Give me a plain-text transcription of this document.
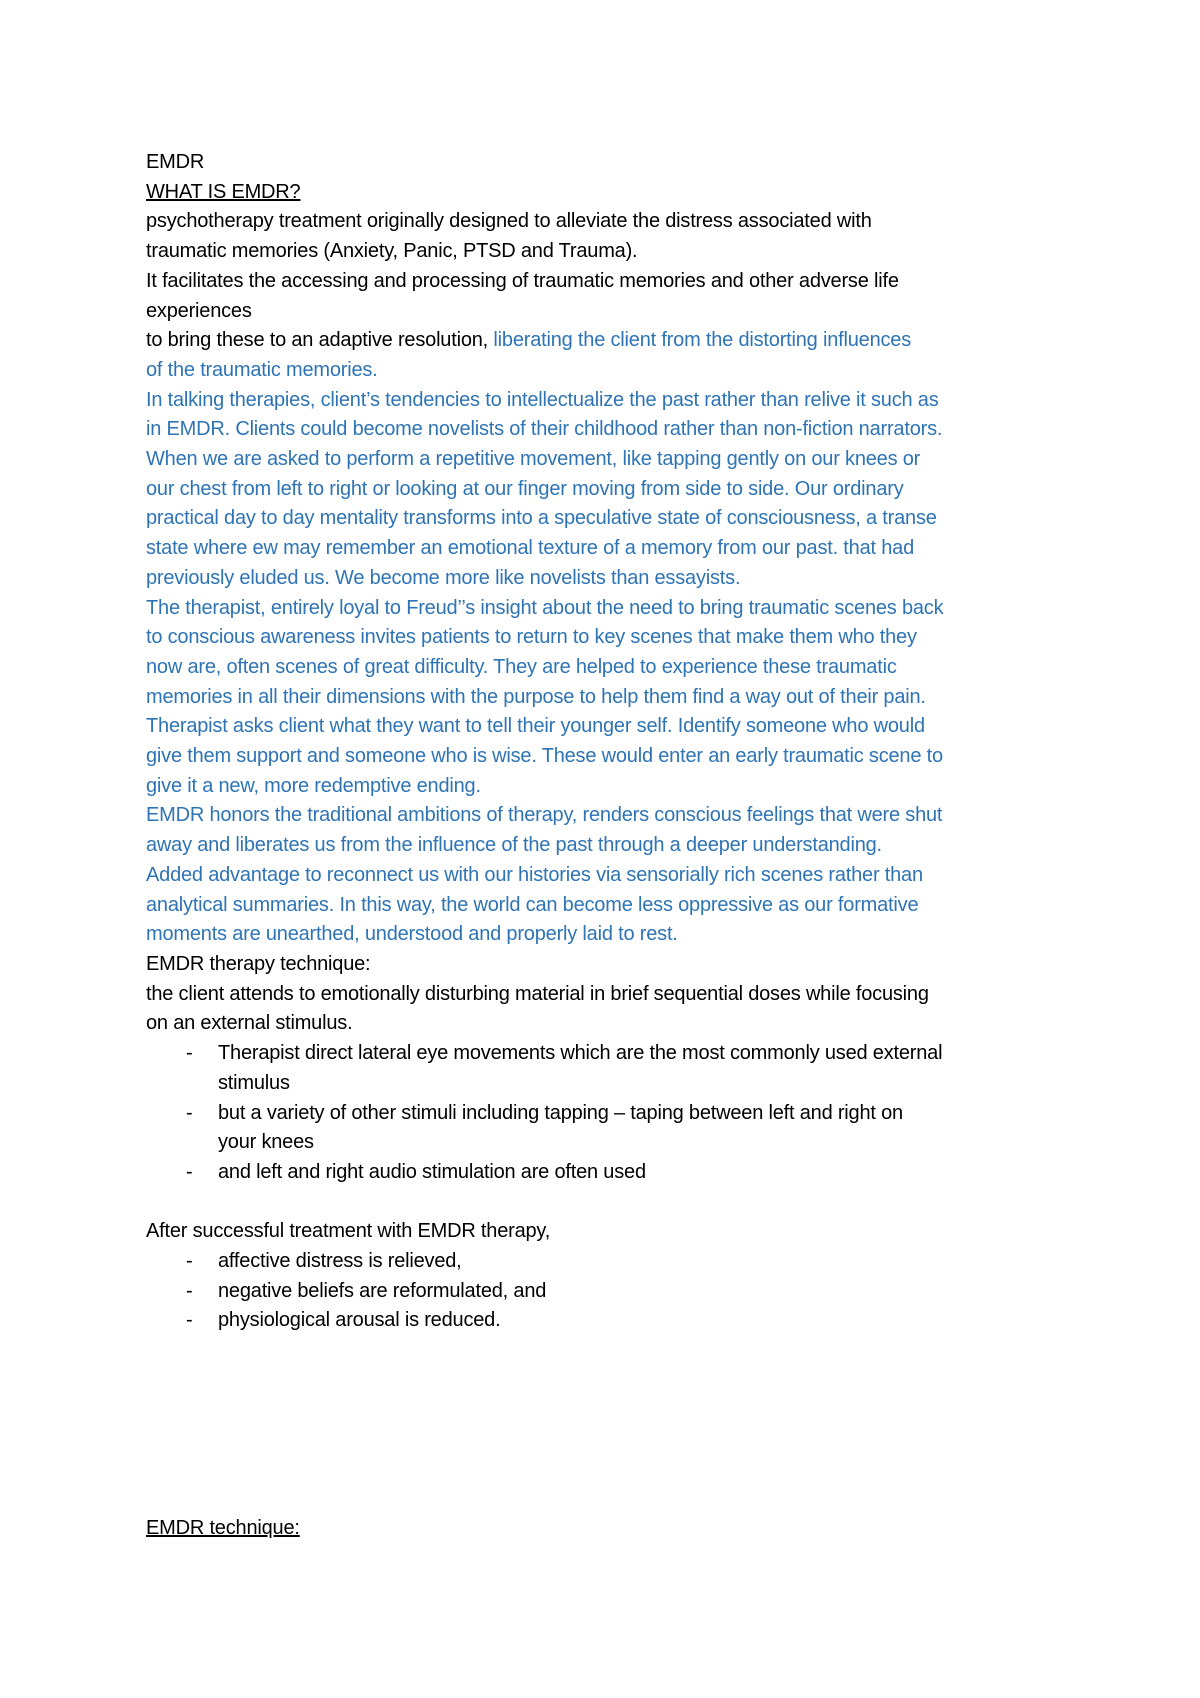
EMDR
WHAT IS EMDR?
psychotherapy treatment originally designed to alleviate the distress associated with
traumatic memories (Anxiety, Panic, PTSD and Trauma).
It facilitates the accessing and processing of traumatic memories and other adverse life
experiences
to bring these to an adaptive resolution, liberating the client from the distorting influences
of the traumatic memories.
In talking therapies, client’s tendencies to intellectualize the past rather than relive it such as
in EMDR. Clients could become novelists of their childhood rather than non-fiction narrators.
When we are asked to perform a repetitive movement, like tapping gently on our knees or
our chest from left to right or looking at our finger moving from side to side. Our ordinary
practical day to day mentality transforms into a speculative state of consciousness, a transe
state where ew may remember an emotional texture of a memory from our past. that had
previously eluded us. We become more like novelists than essayists.
The therapist, entirely loyal to Freud’’s insight about the need to bring traumatic scenes back
to conscious awareness invites patients to return to key scenes that make them who they
now are, often scenes of great difficulty. They are helped to experience these traumatic
memories in all their dimensions with the purpose to help them find a way out of their pain.
Therapist asks client what they want to tell their younger self. Identify someone who would
give them support and someone who is wise. These would enter an early traumatic scene to
give it a new, more redemptive ending.
EMDR honors the traditional ambitions of therapy, renders conscious feelings that were shut
away and liberates us from the influence of the past through a deeper understanding.
Added advantage to reconnect us with our histories via sensorially rich scenes rather than
analytical summaries. In this way, the world can become less oppressive as our formative
moments are unearthed, understood and properly laid to rest.
EMDR therapy technique:
the client attends to emotionally disturbing material in brief sequential doses while focusing
on an external stimulus.
- Therapist direct lateral eye movements which are the most commonly used external
stimulus
- but a variety of other stimuli including tapping – taping between left and right on
your knees
- and left and right audio stimulation are often used
After successful treatment with EMDR therapy,
- affective distress is relieved,
- negative beliefs are reformulated, and
- physiological arousal is reduced.
EMDR technique:
